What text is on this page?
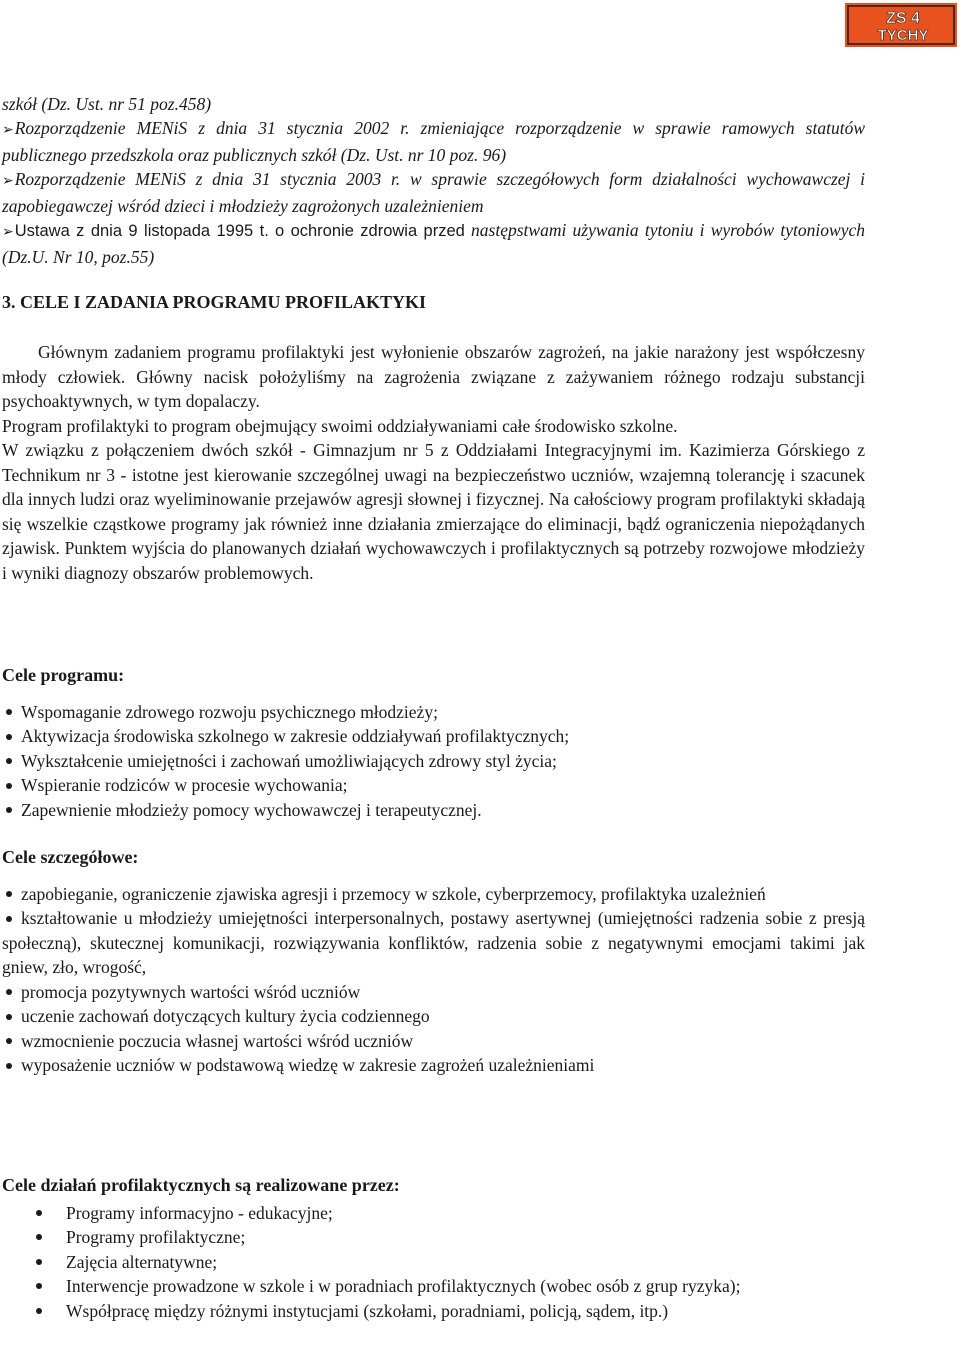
ZS 4
TYCHY

szkół (Dz. Ust. nr 51 poz.458)

➢Rozporządzenie MENiS z dnia 31 stycznia 2002 r. zmieniające rozporządzenie w sprawie ramowych statutów publicznego przedszkola oraz publicznych szkół (Dz. Ust. nr 10 poz. 96)

➢Rozporządzenie MENiS z dnia 31 stycznia 2003 r. w sprawie szczegółowych form działalności wychowawczej i zapobiegawczej wśród dzieci i młodzieży zagrożonych uzależnieniem

➢Ustawa z dnia 9 listopada 1995 t. o ochronie zdrowia przed następstwami używania tytoniu i wyrobów tytoniowych (Dz.U. Nr 10, poz.55)

3. CELE I ZADANIA PROGRAMU PROFILAKTYKI

Głównym zadaniem programu profilaktyki jest wyłonienie obszarów zagrożeń, na jakie narażony jest współczesny młody człowiek. Główny nacisk położyliśmy na zagrożenia związane z zażywaniem różnego rodzaju substancji psychoaktywnych, w tym dopalaczy.

Program profilaktyki to program obejmujący swoimi oddziaływaniami całe środowisko szkolne.

W związku z połączeniem dwóch szkół - Gimnazjum nr 5 z Oddziałami Integracyjnymi im. Kazimierza Górskiego z Technikum nr 3 - istotne jest kierowanie szczególnej uwagi na bezpieczeństwo uczniów, wzajemną tolerancję i szacunek dla innych ludzi oraz wyeliminowanie przejawów agresji słownej i fizycznej. Na całościowy program profilaktyki składają się wszelkie cząstkowe programy jak również inne działania zmierzające do eliminacji, bądź ograniczenia niepożądanych zjawisk. Punktem wyjścia do planowanych działań wychowawczych i profilaktycznych są potrzeby rozwojowe młodzieży i wyniki diagnozy obszarów problemowych.

Cele programu:
Wspomaganie zdrowego rozwoju psychicznego młodzieży;
Aktywizacja środowiska szkolnego w zakresie oddziaływań profilaktycznych;
Wykształcenie umiejętności i zachowań umożliwiających zdrowy styl życia;
Wspieranie rodziców w procesie wychowania;
Zapewnienie młodzieży pomocy wychowawczej i terapeutycznej.
Cele szczegółowe:
zapobieganie, ograniczenie zjawiska agresji i przemocy w szkole, cyberprzemocy, profilaktyka uzależnień
kształtowanie u młodzieży umiejętności interpersonalnych, postawy asertywnej (umiejętności radzenia sobie z presją społeczną), skutecznej komunikacji, rozwiązywania konfliktów, radzenia sobie z negatywnymi emocjami takimi jak gniew, zło, wrogość,
promocja pozytywnych wartości wśród uczniów
uczenie zachowań dotyczących kultury życia codziennego
wzmocnienie poczucia własnej wartości wśród uczniów
wyposażenie uczniów w podstawową wiedzę w zakresie zagrożeń uzależnieniami
Cele działań profilaktycznych są realizowane przez:
Programy informacyjno - edukacyjne;
Programy profilaktyczne;
Zajęcia alternatywne;
Interwencje prowadzone w szkole i w poradniach profilaktycznych (wobec osób z grup ryzyka);
Współpracę między różnymi instytucjami (szkołami, poradniami, policją, sądem, itp.)
